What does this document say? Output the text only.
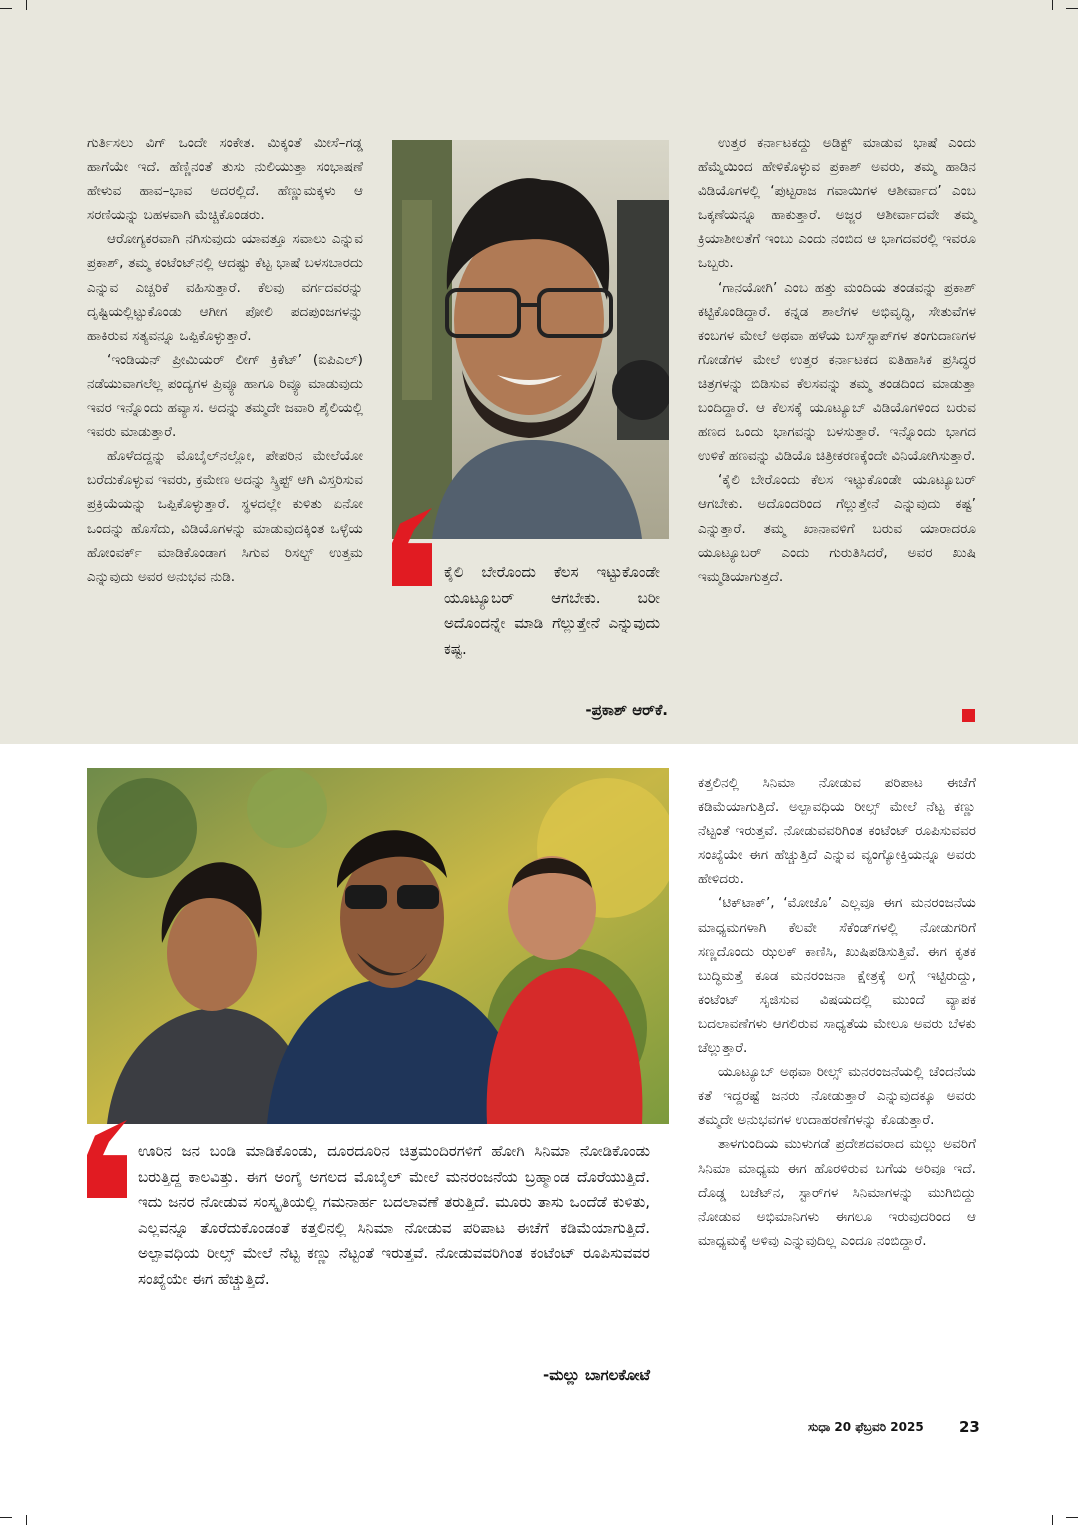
ಗುರ್ತಿಸಲು ವಿಗ್ ಒಂದೇ ಸಂಕೇತ. ಮಿಕ್ಕಂತೆ ಮೀಸೆ–ಗಡ್ಡ ಹಾಗೆಯೇ ಇದೆ. ಹೆಣ್ಣಿನಂತೆ ತುಸು ನುಲಿಯುತ್ತಾ ಸಂಭಾಷಣೆ ಹೇಳುವ ಹಾವ–ಭಾವ ಅದರಲ್ಲಿದೆ. ಹೆಣ್ಣುಮಕ್ಕಳು ಆ ಸರಣಿಯನ್ನು ಬಹಳವಾಗಿ ಮೆಚ್ಚಿಕೊಂಡರು.

ಆರೋಗ್ಯಕರವಾಗಿ ನಗಿಸುವುದು ಯಾವತ್ತೂ ಸವಾಲು ಎನ್ನುವ ಪ್ರಕಾಶ್, ತಮ್ಮ ಕಂಟೆಂಟ್‌ನಲ್ಲಿ ಆದಷ್ಟು ಕೆಟ್ಟ ಭಾಷೆ ಬಳಸಬಾರದು ಎನ್ನುವ ಎಚ್ಚರಿಕೆ ವಹಿಸುತ್ತಾರೆ. ಕೆಲವು ವರ್ಗದವರನ್ನು ದೃಷ್ಟಿಯಲ್ಲಿಟ್ಟುಕೊಂಡು ಆಗೀಗ ಪೋಲಿ ಪದಪುಂಜಗಳನ್ನು ಹಾಕಿರುವ ಸತ್ಯವನ್ನೂ ಒಪ್ಪಿಕೊಳ್ಳುತ್ತಾರೆ.

‘ಇಂಡಿಯನ್ ಪ್ರೀಮಿಯರ್ ಲೀಗ್ ಕ್ರಿಕೆಟ್’ (ಐಪಿಎಲ್) ನಡೆಯುವಾಗಲೆಲ್ಲ ಪಂದ್ಯಗಳ ಪ್ರಿವ್ಯೂ ಹಾಗೂ ರಿವ್ಯೂ ಮಾಡುವುದು ಇವರ ಇನ್ನೊಂದು ಹವ್ಯಾಸ. ಅದನ್ನು ತಮ್ಮದೇ ಜವಾರಿ ಶೈಲಿಯಲ್ಲಿ ಇವರು ಮಾಡುತ್ತಾರೆ.

ಹೊಳೆದದ್ದನ್ನು ಮೊಬೈಲ್‌ನಲ್ಲೋ, ಪೇಪರಿನ ಮೇಲೆಯೋ ಬರೆದುಕೊಳ್ಳುವ ಇವರು, ಕ್ರಮೇಣ ಅದನ್ನು ಸ್ಕ್ರಿಪ್ಟ್ ಆಗಿ ವಿಸ್ತರಿಸುವ ಪ್ರಕ್ರಿಯೆಯನ್ನು ಒಪ್ಪಿಕೊಳ್ಳುತ್ತಾರೆ. ಸ್ಥಳದಲ್ಲೇ ಕುಳಿತು ಏನೋ ಒಂದನ್ನು ಹೊಸೆದು, ವಿಡಿಯೊಗಳನ್ನು ಮಾಡುವುದಕ್ಕಿಂತ ಒಳ್ಳೆಯ ಹೋಂವರ್ಕ್ ಮಾಡಿಕೊಂಡಾಗ ಸಿಗುವ ರಿಸಲ್ಟ್ ಉತ್ತಮ ಎನ್ನುವುದು ಅವರ ಅನುಭವ ನುಡಿ.	ಕೈಲಿ ಬೇರೊಂದು ಕೆಲಸ ಇಟ್ಟುಕೊಂಡೇ ಯೂಟ್ಯೂಬರ್ ಆಗಬೇಕು. ಬರೀ ಅದೊಂದನ್ನೇ ಮಾಡಿ ಗೆಲ್ಲುತ್ತೇನೆ ಎನ್ನುವುದು ಕಷ್ಟ.
-ಪ್ರಕಾಶ್ ಆರ್‌ಕೆ.

ಉತ್ತರ ಕರ್ನಾಟಕದ್ದು ಅಡಿಕ್ಟ್ ಮಾಡುವ ಭಾಷೆ ಎಂದು ಹೆಮ್ಮೆಯಿಂದ ಹೇಳಿಕೊಳ್ಳುವ ಪ್ರಕಾಶ್ ಅವರು, ತಮ್ಮ ಹಾಡಿನ ವಿಡಿಯೊಗಳಲ್ಲಿ ‘ಪುಟ್ಟರಾಜ ಗವಾಯಿಗಳ ಆಶೀರ್ವಾದ’ ಎಂಬ ಒಕ್ಕಣೆಯನ್ನೂ ಹಾಕುತ್ತಾರೆ. ಅಜ್ಜರ ಆಶೀರ್ವಾದವೇ ತಮ್ಮ ಕ್ರಿಯಾಶೀಲತೆಗೆ ಇಂಬು ಎಂದು ನಂಬಿದ ಆ ಭಾಗದವರಲ್ಲಿ ಇವರೂ ಒಬ್ಬರು.

‘ಗಾನಯೋಗಿ’ ಎಂಬ ಹತ್ತು ಮಂದಿಯ ತಂಡವನ್ನು ಪ್ರಕಾಶ್ ಕಟ್ಟಿಕೊಂಡಿದ್ದಾರೆ. ಕನ್ನಡ ಶಾಲೆಗಳ ಅಭಿವೃದ್ಧಿ, ಸೇತುವೆಗಳ ಕಂಬಗಳ ಮೇಲೆ ಅಥವಾ ಹಳೆಯ ಬಸ್‌ಸ್ಟಾಪ್‌ಗಳ ತಂಗುದಾಣಗಳ ಗೋಡೆಗಳ ಮೇಲೆ ಉತ್ತರ ಕರ್ನಾಟಕದ ಐತಿಹಾಸಿಕ ಪ್ರಸಿದ್ಧರ ಚಿತ್ರಗಳನ್ನು ಬಿಡಿಸುವ ಕೆಲಸವನ್ನು ತಮ್ಮ ತಂಡದಿಂದ ಮಾಡುತ್ತಾ ಬಂದಿದ್ದಾರೆ. ಆ ಕೆಲಸಕ್ಕೆ ಯೂಟ್ಯೂಬ್ ವಿಡಿಯೊಗಳಿಂದ ಬರುವ ಹಣದ ಒಂದು ಭಾಗವನ್ನು ಬಳಸುತ್ತಾರೆ. ಇನ್ನೊಂದು ಭಾಗದ ಉಳಿಕೆ ಹಣವನ್ನು ವಿಡಿಯೊ ಚಿತ್ರೀಕರಣಕ್ಕೆಂದೇ ವಿನಿಯೋಗಿಸುತ್ತಾರೆ.

‘ಕೈಲಿ ಬೇರೊಂದು ಕೆಲಸ ಇಟ್ಟುಕೊಂಡೇ ಯೂಟ್ಯೂಬರ್ ಆಗಬೇಕು. ಅದೊಂದರಿಂದ ಗೆಲ್ಲುತ್ತೇನೆ ಎನ್ನುವುದು ಕಷ್ಟ’ ಎನ್ನುತ್ತಾರೆ. ತಮ್ಮ ಖಾನಾವಳಿಗೆ ಬರುವ ಯಾರಾದರೂ ಯೂಟ್ಯೂಬರ್ ಎಂದು ಗುರುತಿಸಿದರೆ, ಅವರ ಖುಷಿ ಇಮ್ಮಡಿಯಾಗುತ್ತದೆ.

ಊರಿನ ಜನ ಬಂಡಿ ಮಾಡಿಕೊಂಡು, ದೂರದೂರಿನ ಚಿತ್ರಮಂದಿರಗಳಿಗೆ ಹೋಗಿ ಸಿನಿಮಾ ನೋಡಿಕೊಂಡು ಬರುತ್ತಿದ್ದ ಕಾಲವಿತ್ತು. ಈಗ ಅಂಗೈ ಅಗಲದ ಮೊಬೈಲ್ ಮೇಲೆ ಮನರಂಜನೆಯ ಬ್ರಹ್ಮಾಂಡ ದೊರೆಯುತ್ತಿದೆ. ಇದು ಜನರ ನೋಡುವ ಸಂಸ್ಕೃತಿಯಲ್ಲಿ ಗಮನಾರ್ಹ ಬದಲಾವಣೆ ತರುತ್ತಿದೆ. ಮೂರು ತಾಸು ಒಂದೆಡೆ ಕುಳಿತು, ಎಲ್ಲವನ್ನೂ ತೊರೆದುಕೊಂಡಂತೆ ಕತ್ತಲಿನಲ್ಲಿ ಸಿನಿಮಾ ನೋಡುವ ಪರಿಪಾಟ ಈಚೆಗೆ ಕಡಿಮೆಯಾಗುತ್ತಿದೆ. ಅಲ್ಪಾವಧಿಯ ರೀಲ್ಸ್ ಮೇಲೆ ನೆಟ್ಟ ಕಣ್ಣು ನೆಟ್ಟಂತೆ ಇರುತ್ತವೆ. ನೋಡುವವರಿಗಿಂತ ಕಂಟೆಂಟ್ ರೂಪಿಸುವವರ ಸಂಖ್ಯೆಯೇ ಈಗ ಹೆಚ್ಚುತ್ತಿದೆ.
-ಮಲ್ಲು ಬಾಗಲಕೋಟೆ

ಕತ್ತಲಿನಲ್ಲಿ ಸಿನಿಮಾ ನೋಡುವ ಪರಿಪಾಟ ಈಚೆಗೆ ಕಡಿಮೆಯಾಗುತ್ತಿದೆ. ಅಲ್ಪಾವಧಿಯ ರೀಲ್ಸ್ ಮೇಲೆ ನೆಟ್ಟ ಕಣ್ಣು ನೆಟ್ಟಂತೆ ಇರುತ್ತವೆ. ನೋಡುವವರಿಗಿಂತ ಕಂಟೆಂಟ್ ರೂಪಿಸುವವರ ಸಂಖ್ಯೆಯೇ ಈಗ ಹೆಚ್ಚುತ್ತಿದೆ ಎನ್ನುವ ವ್ಯಂಗ್ಯೋಕ್ತಿಯನ್ನೂ ಅವರು ಹೇಳಿದರು.

‘ಟಿಕ್‌ಟಾಕ್’, ‘ಮೋಜೊ’ ಎಲ್ಲವೂ ಈಗ ಮನರಂಜನೆಯ ಮಾಧ್ಯಮಗಳಾಗಿ ಕೆಲವೇ ಸೆಕೆಂಡ್‌ಗಳಲ್ಲಿ ನೋಡುಗರಿಗೆ ಸಣ್ಣದೊಂದು ಝಲಕ್ ಕಾಣಿಸಿ, ಖುಷಿಪಡಿಸುತ್ತಿವೆ. ಈಗ ಕೃತಕ ಬುದ್ಧಿಮತ್ತೆ ಕೂಡ ಮನರಂಜನಾ ಕ್ಷೇತ್ರಕ್ಕೆ ಲಗ್ಗೆ ಇಟ್ಟಿರುದ್ದು, ಕಂಟೆಂಟ್ ಸೃಜಿಸುವ ವಿಷಯದಲ್ಲಿ ಮುಂದೆ ವ್ಯಾಪಕ ಬದಲಾವಣೆಗಳು ಆಗಲಿರುವ ಸಾಧ್ಯತೆಯ ಮೇಲೂ ಅವರು ಬೆಳಕು ಚೆಲ್ಲುತ್ತಾರೆ.

ಯೂಟ್ಯೂಬ್ ಅಥವಾ ರೀಲ್ಸ್ ಮನರಂಜನೆಯಲ್ಲಿ ಚೆಂದನೆಯ ಕತೆ ಇದ್ದರಷ್ಟೆ ಜನರು ನೋಡುತ್ತಾರೆ ಎನ್ನುವುದಕ್ಕೂ ಅವರು ತಮ್ಮದೇ ಅನುಭವಗಳ ಉದಾಹರಣೆಗಳನ್ನು ಕೊಡುತ್ತಾರೆ.

ತಾಳಗುಂದಿಯ ಮುಳುಗಡೆ ಪ್ರದೇಶದವರಾದ ಮಲ್ಲು ಅವರಿಗೆ ಸಿನಿಮಾ ಮಾಧ್ಯಮ ಈಗ ಹೊರಳಿರುವ ಬಗೆಯ ಅರಿವೂ ಇದೆ. ದೊಡ್ಡ ಬಜೆಟ್‌ನ, ಸ್ಟಾರ್‌ಗಳ ಸಿನಿಮಾಗಳನ್ನು ಮುಗಿಬಿದ್ದು ನೋಡುವ ಅಭಿಮಾನಿಗಳು ಈಗಲೂ ಇರುವುದರಿಂದ ಆ ಮಾಧ್ಯಮಕ್ಕೆ ಅಳಿವು ಎನ್ನುವುದಿಲ್ಲ ಎಂದೂ ನಂಬಿದ್ದಾರೆ.

ಸುಧಾ 20 ಫೆಬ್ರವರಿ 2025 23
